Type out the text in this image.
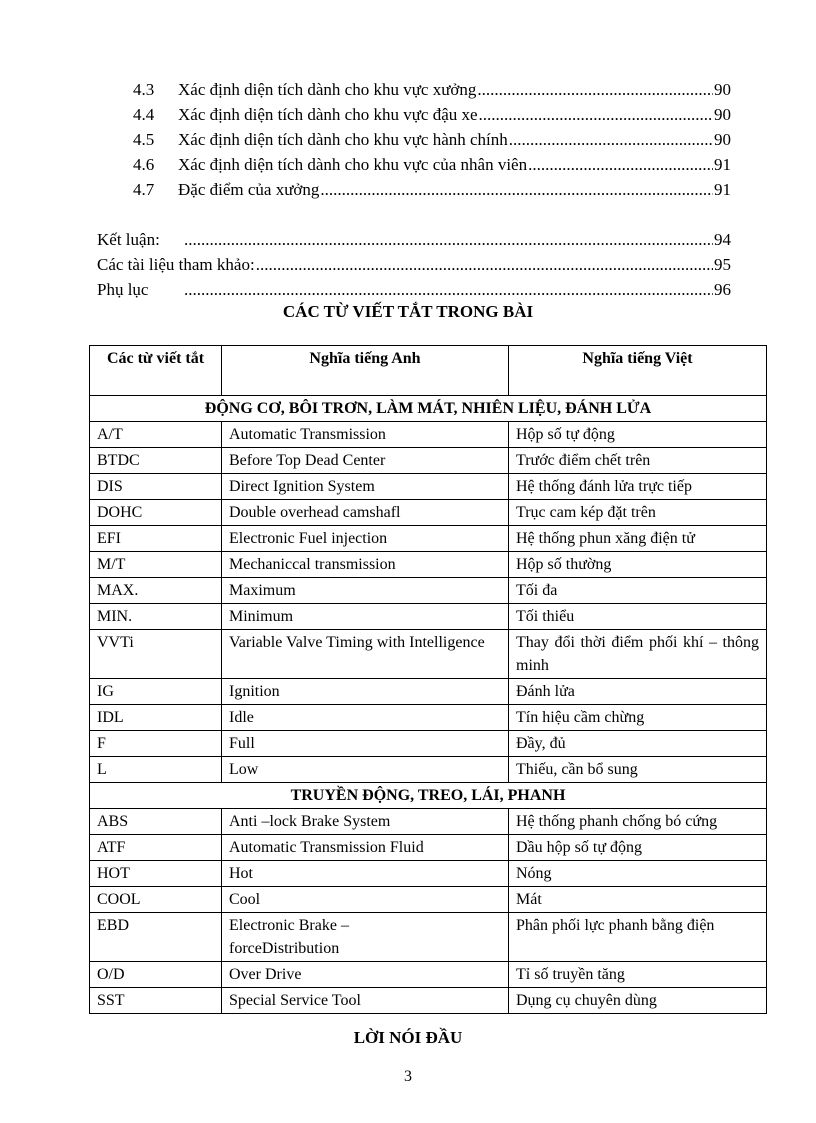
4.3	Xác định diện tích dành cho khu vực xưởng .....	90
4.4	Xác định diện tích dành cho khu vực đậu xe .....	90
4.5	Xác định diện tích dành cho khu vực hành chính .....	90
4.6	Xác định diện tích dành cho khu vực của nhân viên .....	91
4.7	Đặc điểm của xưởng .....	91
Kết luận: .....	94
Các tài liệu tham khảo: .....	95
Phụ lục .....	96
CÁC TỪ VIẾT TẮT TRONG BÀI
Các từ viết tắt	Nghĩa tiếng Anh	Nghĩa tiếng Việt
ĐỘNG CƠ, BÔI TRƠN, LÀM MÁT, NHIÊN LIỆU, ĐÁNH LỬA		
A/T	Automatic Transmission	Hộp số tự động
BTDC	Before Top Dead Center	Trước điểm chết trên
DIS	Direct Ignition System	Hệ thống đánh lửa trực tiếp
DOHC	Double overhead camshafl	Trục cam kép đặt trên
EFI	Electronic Fuel injection	Hệ thống phun xăng điện tử
M/T	Mechaniccal transmission	Hộp số thường
MAX.	Maximum	Tối đa
MIN.	Minimum	Tối thiểu
VVTi	Variable Valve Timing with Intelligence	Thay đổi thời điểm phối khí – thông minh
IG	Ignition	Đánh lửa
IDL	Idle	Tín hiệu cầm chừng
F	Full	Đầy, đủ
L	Low	Thiếu, cần bổ sung
TRUYỀN ĐỘNG, TREO, LÁI, PHANH		
ABS	Anti –lock Brake System	Hệ thống phanh chống bó cứng
ATF	Automatic Transmission Fluid	Dầu hộp số tự động
HOT	Hot	Nóng
COOL	Cool	Mát
EBD	Electronic Brake – forceDistribution	Phân phối lực phanh bằng điện
O/D	Over Drive	Tỉ số truyền tăng
SST	Special Service Tool	Dụng cụ chuyên dùng
LỜI NÓI ĐẦU
3
